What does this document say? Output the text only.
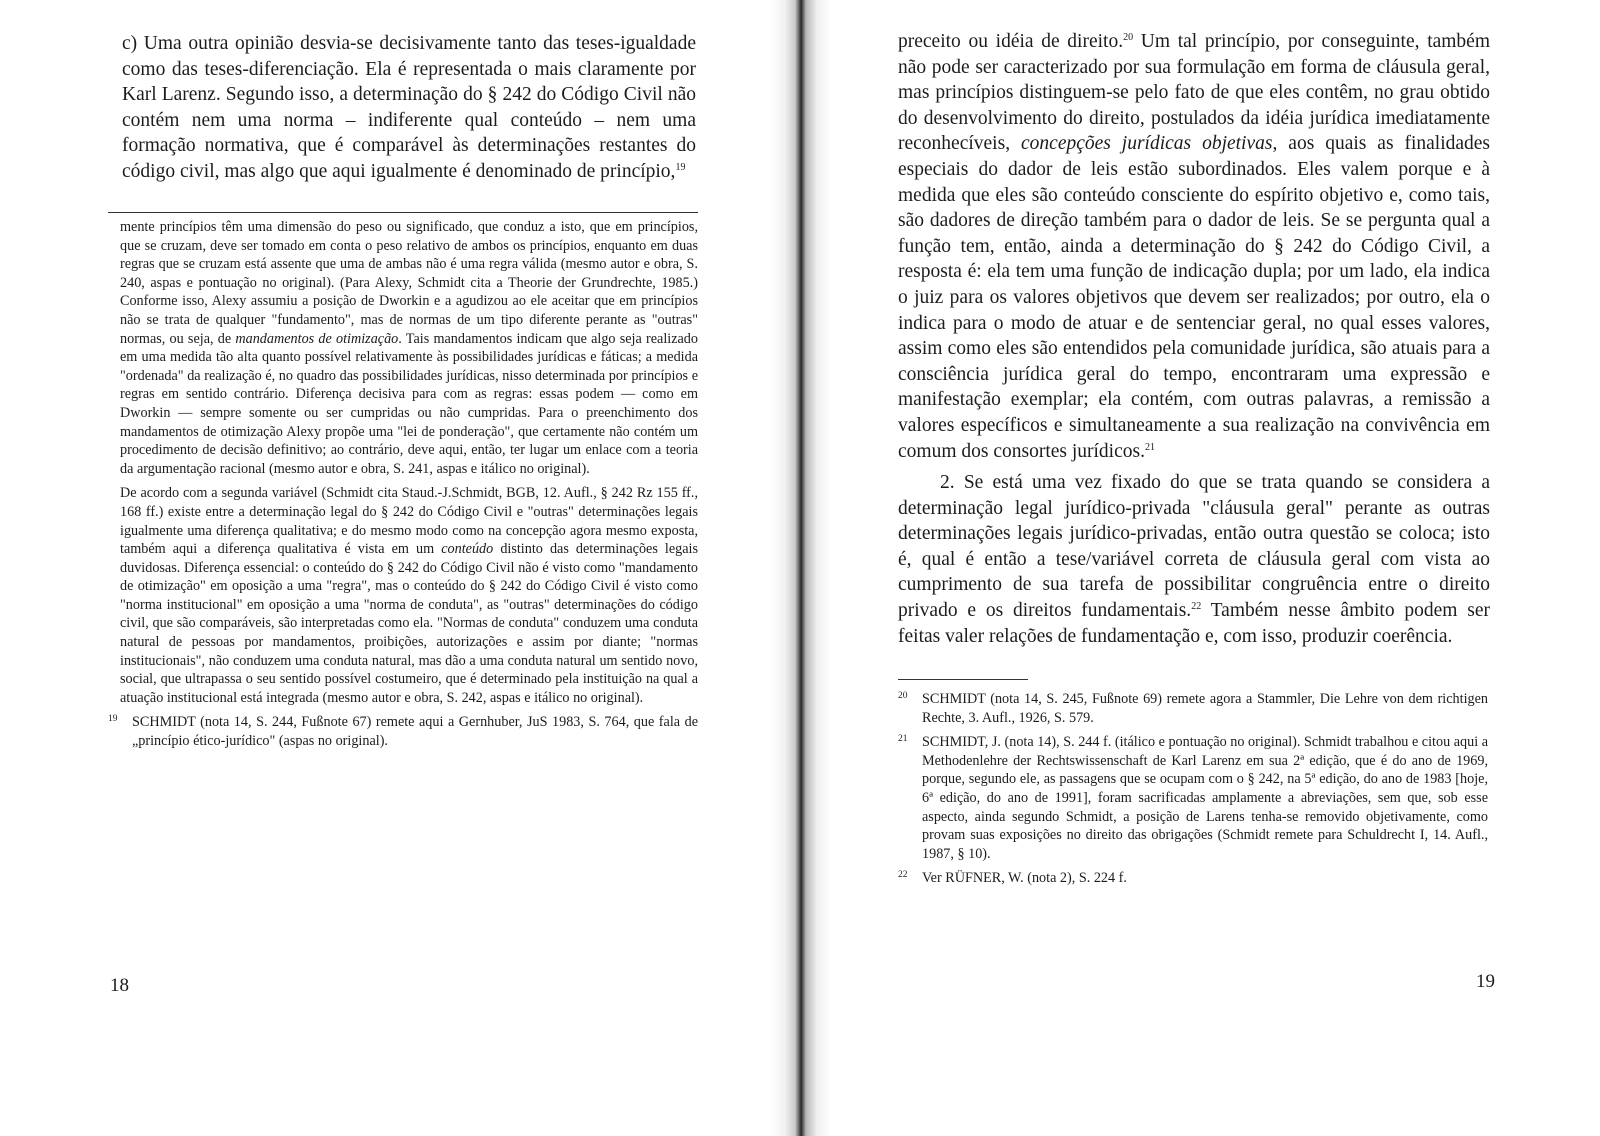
c) Uma outra opinião desvia-se decisivamente tanto das teses-igualdade como das teses-diferenciação. Ela é representada o mais claramente por Karl Larenz. Segundo isso, a determinação do § 242 do Código Civil não contém nem uma norma – indiferente qual conteúdo – nem uma formação normativa, que é comparável às determinações restantes do código civil, mas algo que aqui igualmente é denominado de princípio,$^{19}$

mente princípios têm uma dimensão do peso ou significado, que conduz a isto, que em princípios, que se cruzam, deve ser tomado em conta o peso relativo de ambos os princípios, enquanto em duas regras que se cruzam está assente que uma de ambas não é uma regra válida (mesmo autor e obra, S. 240, aspas e pontuação no original). (Para Alexy, Schmidt cita a Theorie der Grundrechte, 1985.) Conforme isso, Alexy assumiu a posição de Dworkin e a agudizou ao ele aceitar que em princípios não se trata de qualquer "fundamento", mas de normas de um tipo diferente perante as "outras" normas, ou seja, de mandamentos de otimização. Tais mandamentos indicam que algo seja realizado em uma medida tão alta quanto possível relativamente às possibilidades jurídicas e fáticas; a medida "ordenada" da realização é, no quadro das possibilidades jurídicas, nisso determinada por princípios e regras em sentido contrário. Diferença decisiva para com as regras: essas podem — como em Dworkin — sempre somente ou ser cumpridas ou não cumpridas. Para o preenchimento dos mandamentos de otimização Alexy propõe uma "lei de ponderação", que certamente não contém um procedimento de decisão definitivo; ao contrário, deve aqui, então, ter lugar um enlace com a teoria da argumentação racional (mesmo autor e obra, S. 241, aspas e itálico no original).

De acordo com a segunda variável (Schmidt cita Staud.-J.Schmidt, BGB, 12. Aufl., § 242 Rz 155 ff., 168 ff.) existe entre a determinação legal do § 242 do Código Civil e "outras" determinações legais igualmente uma diferença qualitativa; e do mesmo modo como na concepção agora mesmo exposta, também aqui a diferença qualitativa é vista em um conteúdo distinto das determinações legais duvidosas. Diferença essencial: o conteúdo do § 242 do Código Civil não é visto como "mandamento de otimização" em oposição a uma "regra", mas o conteúdo do § 242 do Código Civil é visto como "norma institucional" em oposição a uma "norma de conduta", as "outras" determinações do código civil, que são comparáveis, são interpretadas como ela. "Normas de conduta" conduzem uma conduta natural de pessoas por mandamentos, proibições, autorizações e assim por diante; "normas institucionais", não conduzem uma conduta natural, mas dão a uma conduta natural um sentido novo, social, que ultrapassa o seu sentido possível costumeiro, que é determinado pela instituição na qual a atuação institucional está integrada (mesmo autor e obra, S. 242, aspas e itálico no original).

19 SCHMIDT (nota 14, S. 244, Fußnote 67) remete aqui a Gernhuber, JuS 1983, S. 764, que fala de „princípio ético-jurídico" (aspas no original).

18

preceito ou idéia de direito.$^{20}$ Um tal princípio, por conseguinte, também não pode ser caracterizado por sua formulação em forma de cláusula geral, mas princípios distinguem-se pelo fato de que eles contêm, no grau obtido do desenvolvimento do direito, postulados da idéia jurídica imediatamente reconhecíveis, concepções jurídicas objetivas, aos quais as finalidades especiais do dador de leis estão subordinados. Eles valem porque e à medida que eles são conteúdo consciente do espírito objetivo e, como tais, são dadores de direção também para o dador de leis. Se se pergunta qual a função tem, então, ainda a determinação do § 242 do Código Civil, a resposta é: ela tem uma função de indicação dupla; por um lado, ela indica o juiz para os valores objetivos que devem ser realizados; por outro, ela o indica para o modo de atuar e de sentenciar geral, no qual esses valores, assim como eles são entendidos pela comunidade jurídica, são atuais para a consciência jurídica geral do tempo, encontraram uma expressão e manifestação exemplar; ela contém, com outras palavras, a remissão a valores específicos e simultaneamente a sua realização na convivência em comum dos consortes jurídicos.$^{21}$

2. Se está uma vez fixado do que se trata quando se considera a determinação legal jurídico-privada "cláusula geral" perante as outras determinações legais jurídico-privadas, então outra questão se coloca; isto é, qual é então a tese/variável correta de cláusula geral com vista ao cumprimento de sua tarefa de possibilitar congruência entre o direito privado e os direitos fundamentais.$^{22}$ Também nesse âmbito podem ser feitas valer relações de fundamentação e, com isso, produzir coerência.

20 SCHMIDT (nota 14, S. 245, Fußnote 69) remete agora a Stammler, Die Lehre von dem richtigen Rechte, 3. Aufl., 1926, S. 579.

21 SCHMIDT, J. (nota 14), S. 244 f. (itálico e pontuação no original). Schmidt trabalhou e citou aqui a Methodenlehre der Rechtswissenschaft de Karl Larenz em sua 2ª edição, que é do ano de 1969, porque, segundo ele, as passagens que se ocupam com o § 242, na 5ª edição, do ano de 1983 [hoje, 6ª edição, do ano de 1991], foram sacrificadas amplamente a abreviações, sem que, sob esse aspecto, ainda segundo Schmidt, a posição de Larens tenha-se removido objetivamente, como provam suas exposições no direito das obrigações (Schmidt remete para Schuldrecht I, 14. Aufl., 1987, § 10).

22 Ver RÜFNER, W. (nota 2), S. 224 f.

19
